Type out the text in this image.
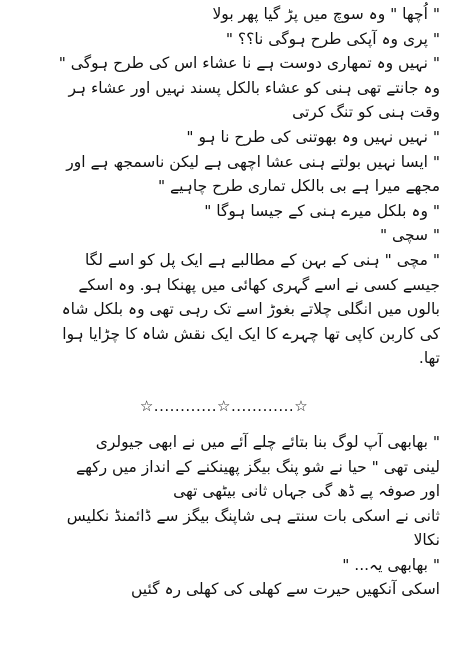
" اُچھا " وہ سوچ میں پڑ گیا پھر بولا
" پری وہ آپکی طرح ہوگی نا؟؟ "
" نہیں وہ تمھاری دوست ہے نا عشاء اس کی طرح ہوگی "
وہ جانتے تھی ہنی کو عشاء بالکل پسند نہیں اور عشاء ہر
وقت ہنی کو تنگ کرتی
" نہیں نہیں وہ بھوتنی کی طرح نا ہو "
" ایسا نہیں بولتے ہنی عشا اچھی ہے لیکن ناسمجھ ہے اور
مجھے میرا ہے بی بالکل تماری طرح چاہیے "
" وہ بلکل میرے ہنی کے جیسا ہوگا "
" سچی "
" مچی " ہنی کے بہن کے مطالبے ہے ایک پل کو اسے لگا
جیسے کسی نے اسے گہری کھائی میں پھنکا ہو. وہ اسکے
بالوں میں انگلی چلاتے بغوڑ اسے تک رہی تھی وہ بلکل شاہ
کی کاربن کاپی تھا چہرے کا ایک ایک نقش شاہ کا چڑایا ہوا
تھا.
☆............☆............☆
" بھابھی آپ لوگ بنا بتائے چلے آئے میں نے ابھی جیولری
لینی تھی " حیا نے شو پنگ بیگز پھینکنے کے انداز میں رکھے
اور صوفہ پے ڈھ گی جہاں ثانی بیٹھی تھی
ثانی نے اسکی بات سنتے ہی شاپنگ بیگز سے ڈائمنڈ نکلیس
نکالا
" بھابھی یہ... "
اسکی آنکھیں حیرت سے کھلی کی کھلی رہ گئیں
